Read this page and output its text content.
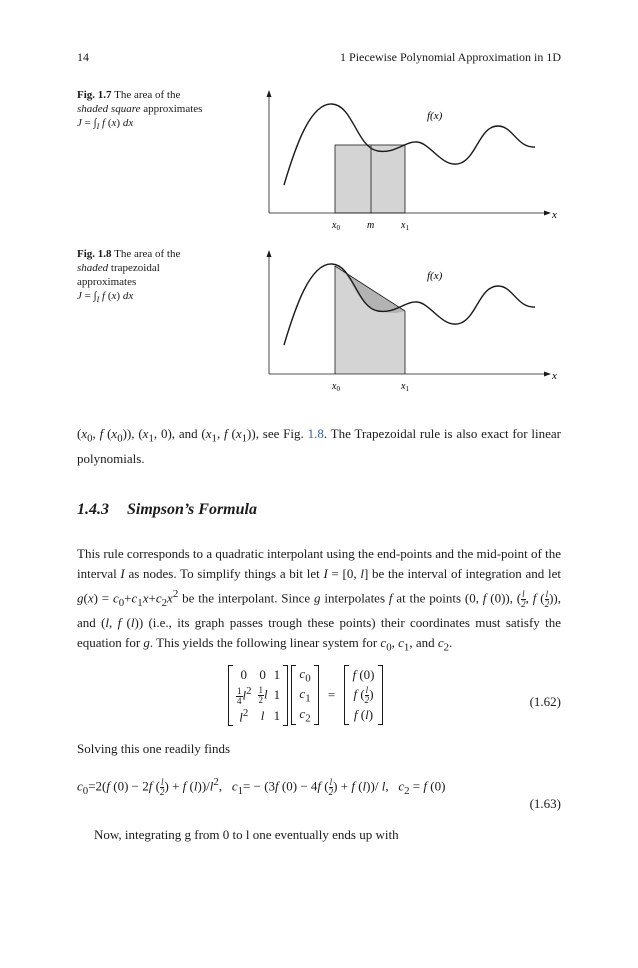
14	1 Piecewise Polynomial Approximation in 1D
Fig. 1.7 The area of the
shaded square approximates
$J = \int_I$ f (x) dx
f(x)
x
$x_0$	m	$x_1$
Fig. 1.8 The area of the
shaded trapezoidal
approximates
$J = \int_I$ f (x) dx
f(x)
x
$x_0$	$x_1$
($x_0$, f $(x_0)$), ($x_1$, 0), and ($x_1$, f $(x_1)$), see Fig. 1.8. The Trapezoidal rule is also exact for linear polynomials.
1.4.3 Simpson’s Formula
This rule corresponds to a quadratic interpolant using the end-points and the mid-point of the interval I as nodes. To simplify things a bit let I = [0, l] be the interval of integration and let $g(x) = c_0+c_1x+c_2x^2$ be the interpolant. Since g interpolates f at the points (0, f (0)), ( $\frac{l}{2}$ , f ( $\frac{l}{2}$ )), and (l, f (l)) (i.e., its graph passes trough these points) their coordinates must satisfy the equation for g. This yields the following linear system for $c_0$, $c_1$, and $c_2$.
0	0	1

$\frac{1}{4} l^2$	$\frac{1}{2}$ l	1
$l^2$	l	1

$c_0$
$c_1$
$c_2$
=
f (0)
f ( $\frac{l}{2}$ )
f (l)
(1.62)
Solving this one readily finds
$c_0=2(f$ (0) − 2f ( $\frac{l}{2}$ ) + f $(l))/l^2$,   $c_1= - (3f$ (0) − 4f ( $\frac{l}{2}$ ) + f (l))/ l,   $c_2 = f$ (0)
(1.63)
Now, integrating g from 0 to l one eventually ends up with
